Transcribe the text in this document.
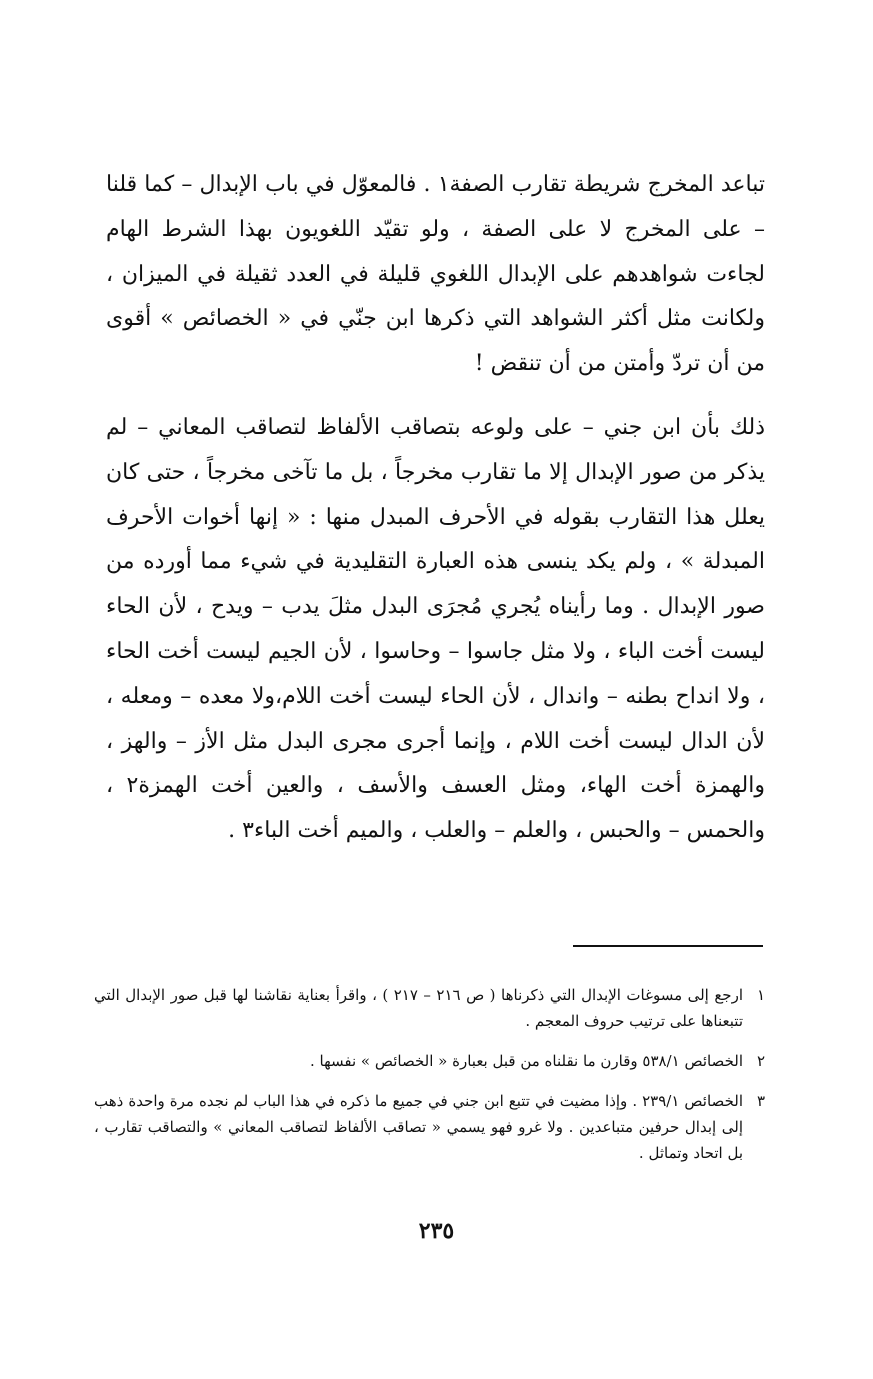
تباعد المخرج شريطة تقارب الصفة١ . فالمعوّل في باب الإبدال – كما قلنا – على المخرج لا على الصفة ، ولو تقيّد اللغويون بهذا الشرط الهام لجاءت شواهدهم على الإبدال اللغوي قليلة في العدد ثقيلة في الميزان ، ولكانت مثل أكثر الشواهد التي ذكرها ابن جنّي في « الخصائص » أقوى من أن تردّ وأمتن من أن تنقض !

ذلك بأن ابن جني – على ولوعه بتصاقب الألفاظ لتصاقب المعاني – لم يذكر من صور الإبدال إلا ما تقارب مخرجاً ، بل ما تآخى مخرجاً ، حتى كان يعلل هذا التقارب بقوله في الأحرف المبدل منها : « إنها أخوات الأحرف المبدلة » ، ولم يكد ينسى هذه العبارة التقليدية في شيء مما أورده من صور الإبدال . وما رأيناه يُجري مُجرَى البدل مثلَ يدب – ويدح ، لأن الحاء ليست أخت الباء ، ولا مثل جاسوا – وحاسوا ، لأن الجيم ليست أخت الحاء ، ولا انداح بطنه – واندال ، لأن الحاء ليست أخت اللام،ولا معده – ومعله ، لأن الدال ليست أخت اللام ، وإنما أجرى مجرى البدل مثل الأز – والهز ، والهمزة أخت الهاء، ومثل العسف والأسف ، والعين أخت الهمزة٢ ، والحمس – والحبس ، والعلم – والعلب ، والميم أخت الباء٣ .

١
ارجع إلى مسوغات الإبدال التي ذكرناها ( ص ٢١٦ – ٢١٧ ) ، واقرأ بعناية نقاشنا لها قبل صور الإبدال التي تتبعناها على ترتيب حروف المعجم .
٢
الخصائص ٥٣٨/١ وقارن ما نقلناه من قبل بعبارة « الخصائص » نفسها .
٣
الخصائص ٢٣٩/١ . وإذا مضيت في تتبع ابن جني في جميع ما ذكره في هذا الباب لم نجده مرة واحدة ذهب إلى إبدال حرفين متباعدين . ولا غرو فهو يسمي « تصاقب الألفاظ لتصاقب المعاني » والتصاقب تقارب ، بل اتحاد وتماثل .
٢٣٥
